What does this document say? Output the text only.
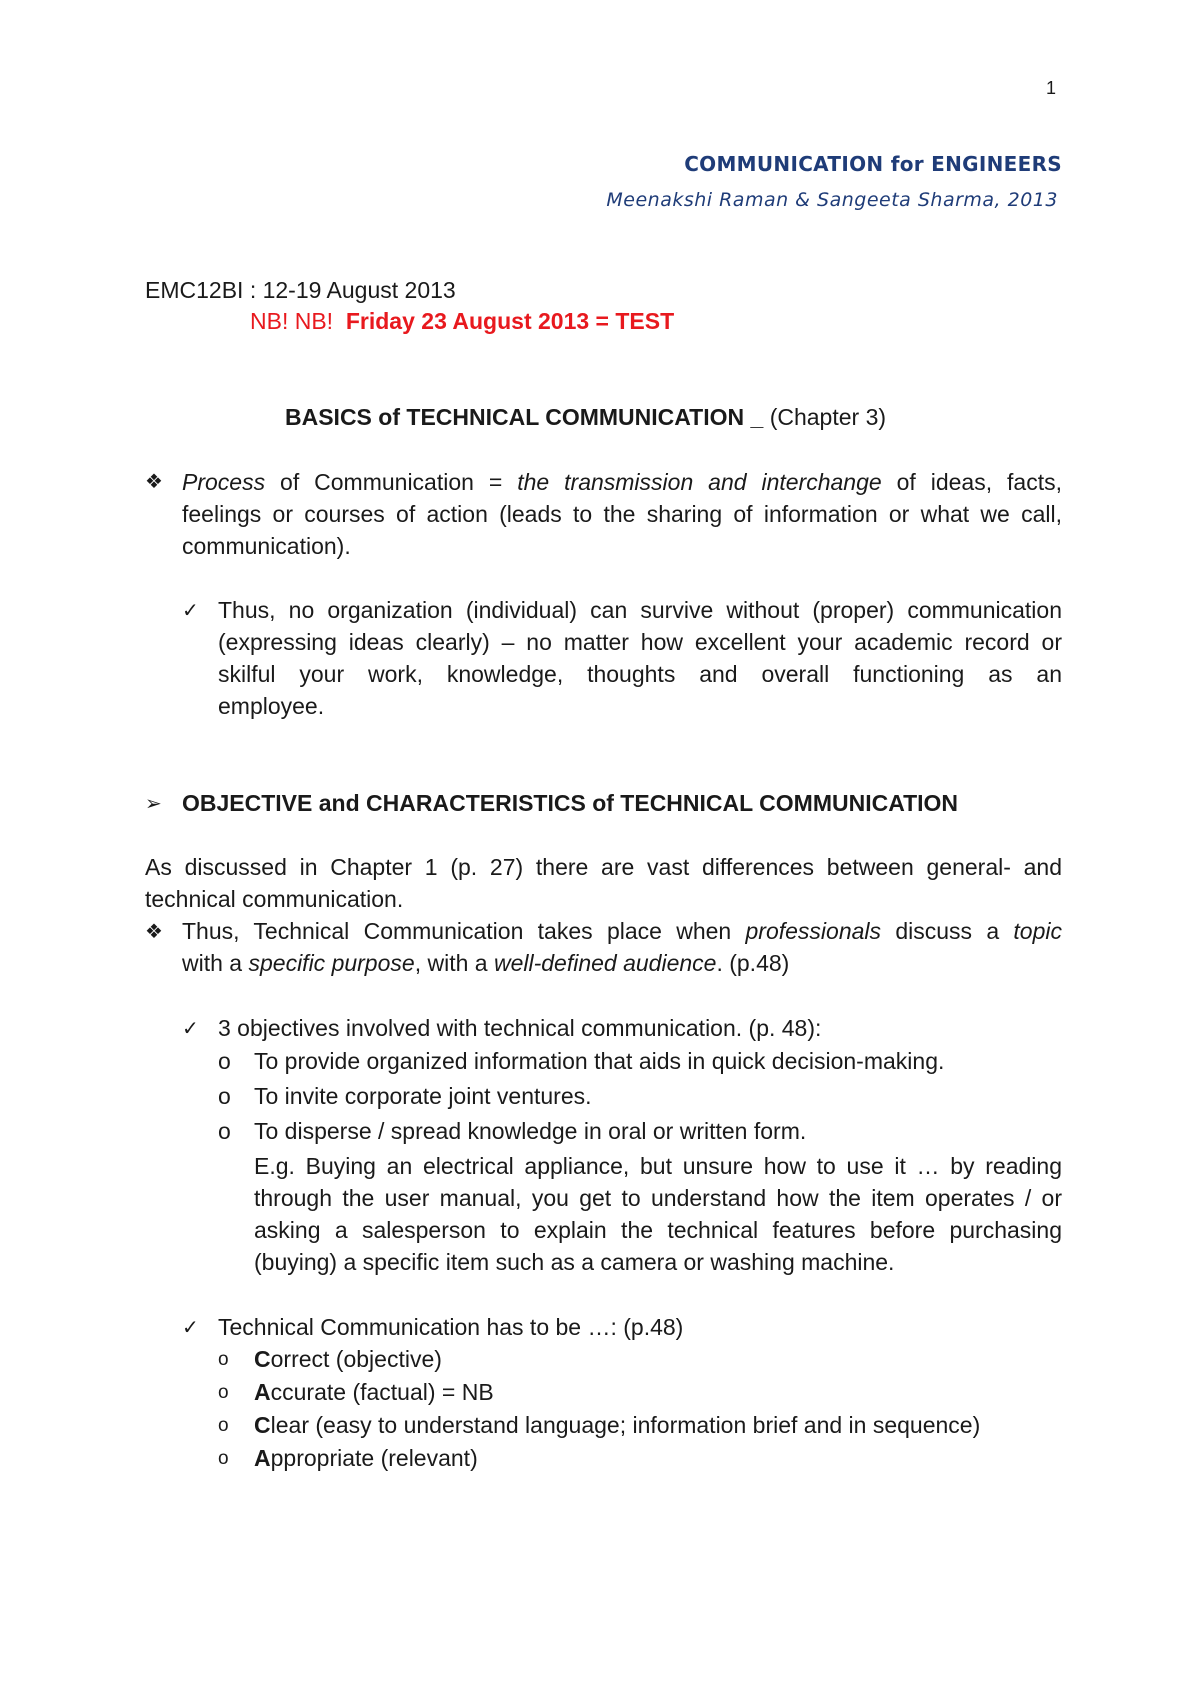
1
COMMUNICATION for ENGINEERS
Meenakshi Raman & Sangeeta Sharma, 2013
EMC12BI : 12-19 August 2013
NB! NB! Friday 23 August 2013 = TEST
BASICS of TECHNICAL COMMUNICATION _ (Chapter 3)
❖ Process of Communication = the transmission and interchange of ideas, facts,
feelings or courses of action (leads to the sharing of information or what we call,
communication).
✓ Thus, no organization (individual) can survive without (proper) communication
(expressing ideas clearly) – no matter how excellent your academic record or
skilful your work, knowledge, thoughts and overall functioning as an
employee.
➢ OBJECTIVE and CHARACTERISTICS of TECHNICAL COMMUNICATION
As discussed in Chapter 1 (p. 27) there are vast differences between general- and
technical communication.
❖ Thus, Technical Communication takes place when professionals discuss a topic
with a specific purpose, with a well-defined audience. (p.48)
✓ 3 objectives involved with technical communication. (p. 48):
o To provide organized information that aids in quick decision-making.
o To invite corporate joint ventures.
o To disperse / spread knowledge in oral or written form.
E.g. Buying an electrical appliance, but unsure how to use it … by reading
through the user manual, you get to understand how the item operates / or
asking a salesperson to explain the technical features before purchasing
(buying) a specific item such as a camera or washing machine.
✓ Technical Communication has to be …: (p.48)
o Correct (objective)
o Accurate (factual) = NB
o Clear (easy to understand language; information brief and in sequence)
o Appropriate (relevant)
